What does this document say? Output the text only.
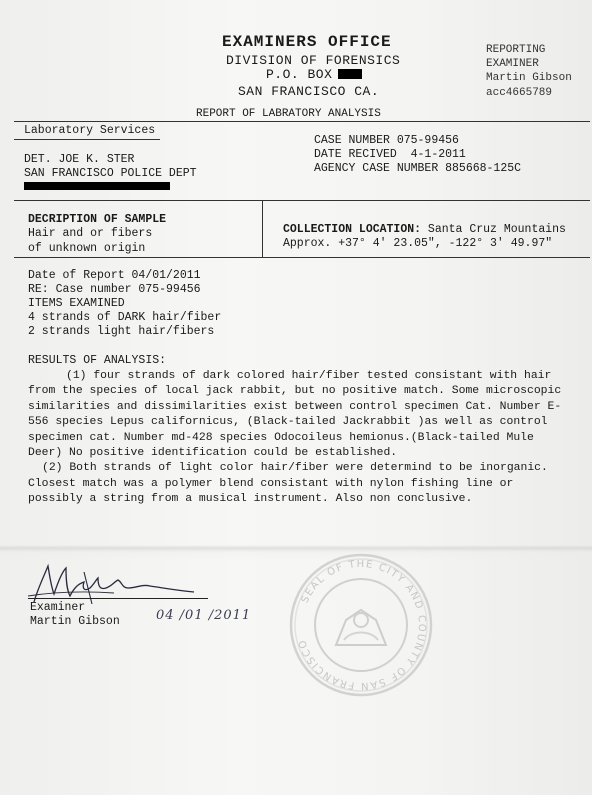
EXAMINERS OFFICE
DIVISION OF FORENSICS
P.O. BOX
SAN FRANCISCO CA.
REPORTING
EXAMINER
Martin Gibson
acc4665789
REPORT OF LABRATORY ANALYSIS
Laboratory Services
DET. JOE K. STER
SAN FRANCISCO POLICE DEPT
CASE NUMBER 075-99456
DATE RECIVED  4-1-2011
AGENCY CASE NUMBER 885668-125C
DECRIPTION OF SAMPLE
Hair and or fibers
of unknown origin
COLLECTION LOCATION: Santa Cruz Mountains
Approx. +37° 4' 23.05", -122° 3' 49.97"
Date of Report 04/01/2011
RE: Case number 075-99456
ITEMS EXAMINED
4 strands of DARK hair/fiber
2 strands light hair/fibers
RESULTS OF ANALYSIS:

(1) four strands of dark colored hair/fiber tested consistant with hair from the species of local jack rabbit, but no positive match. Some microscopic similarities and dissimilarities exist between control specimen Cat. Number E-556 species Lepus californicus, (Black-tailed Jackrabbit )as well as control specimen cat. Number md-428 species Odocoileus hemionus.(Black-tailed Mule Deer) No positive identification could be established.

(2) Both strands of light color hair/fiber were determind to be inorganic. Closest match was a polymer blend consistant with nylon fishing line or possibly a string from a musical instrument. Also non conclusive.

Examiner
Martin Gibson	04 /01 /2011
SEAL OF THE CITY AND COUNTY OF SAN FRANCISCO
